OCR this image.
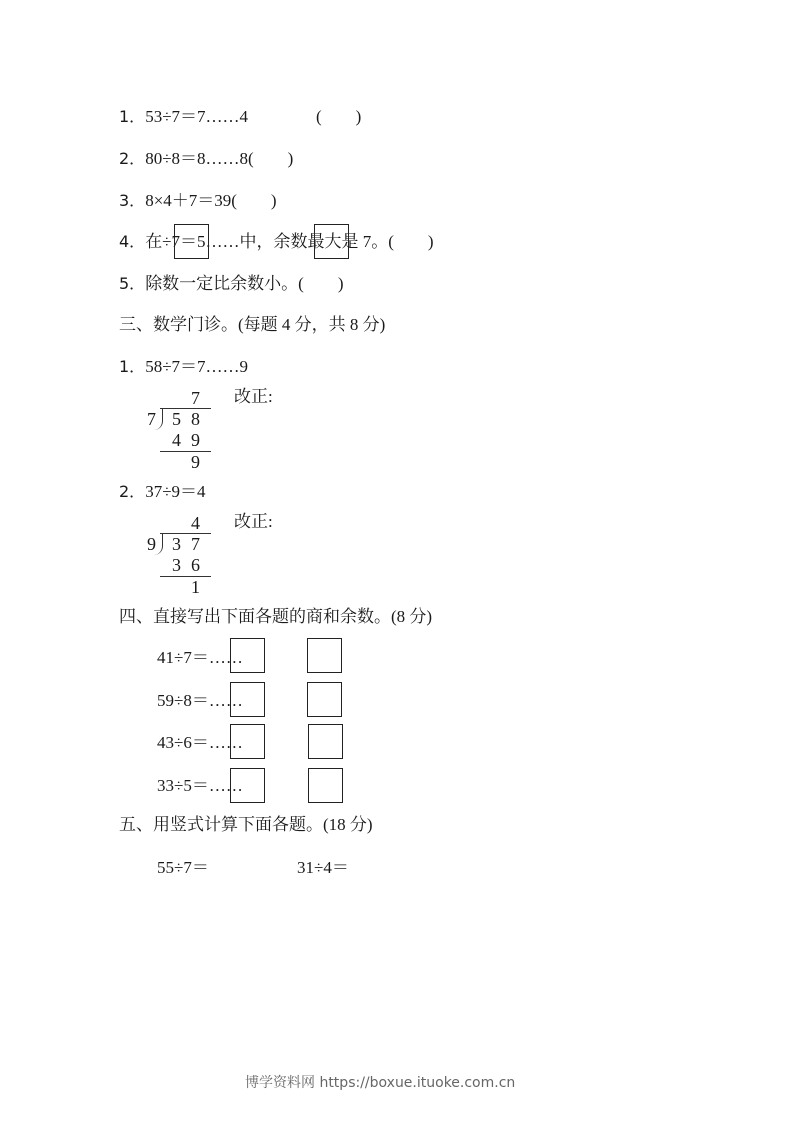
1．53÷7＝7……4	(　　)
2．80÷8＝8……8(　　)
3．8×4＋7＝39(　　)
4．在÷7＝5……中，余数最大是 7。(　　)
5．除数一定比余数小。(　　)
三、数学门诊。(每题 4 分，共 8 分)
1．58÷7＝7……9
7
7 5 8
4 9
9
改正:
2．37÷9＝4
4
9 3 7
3 6
1
改正:
四、直接写出下面各题的商和余数。(8 分)
41÷7＝……
59÷8＝……
43÷6＝……
33÷5＝……
五、用竖式计算下面各题。(18 分)
55÷7＝	31÷4＝
博学资料网 https://boxue.ituoke.com.cn
